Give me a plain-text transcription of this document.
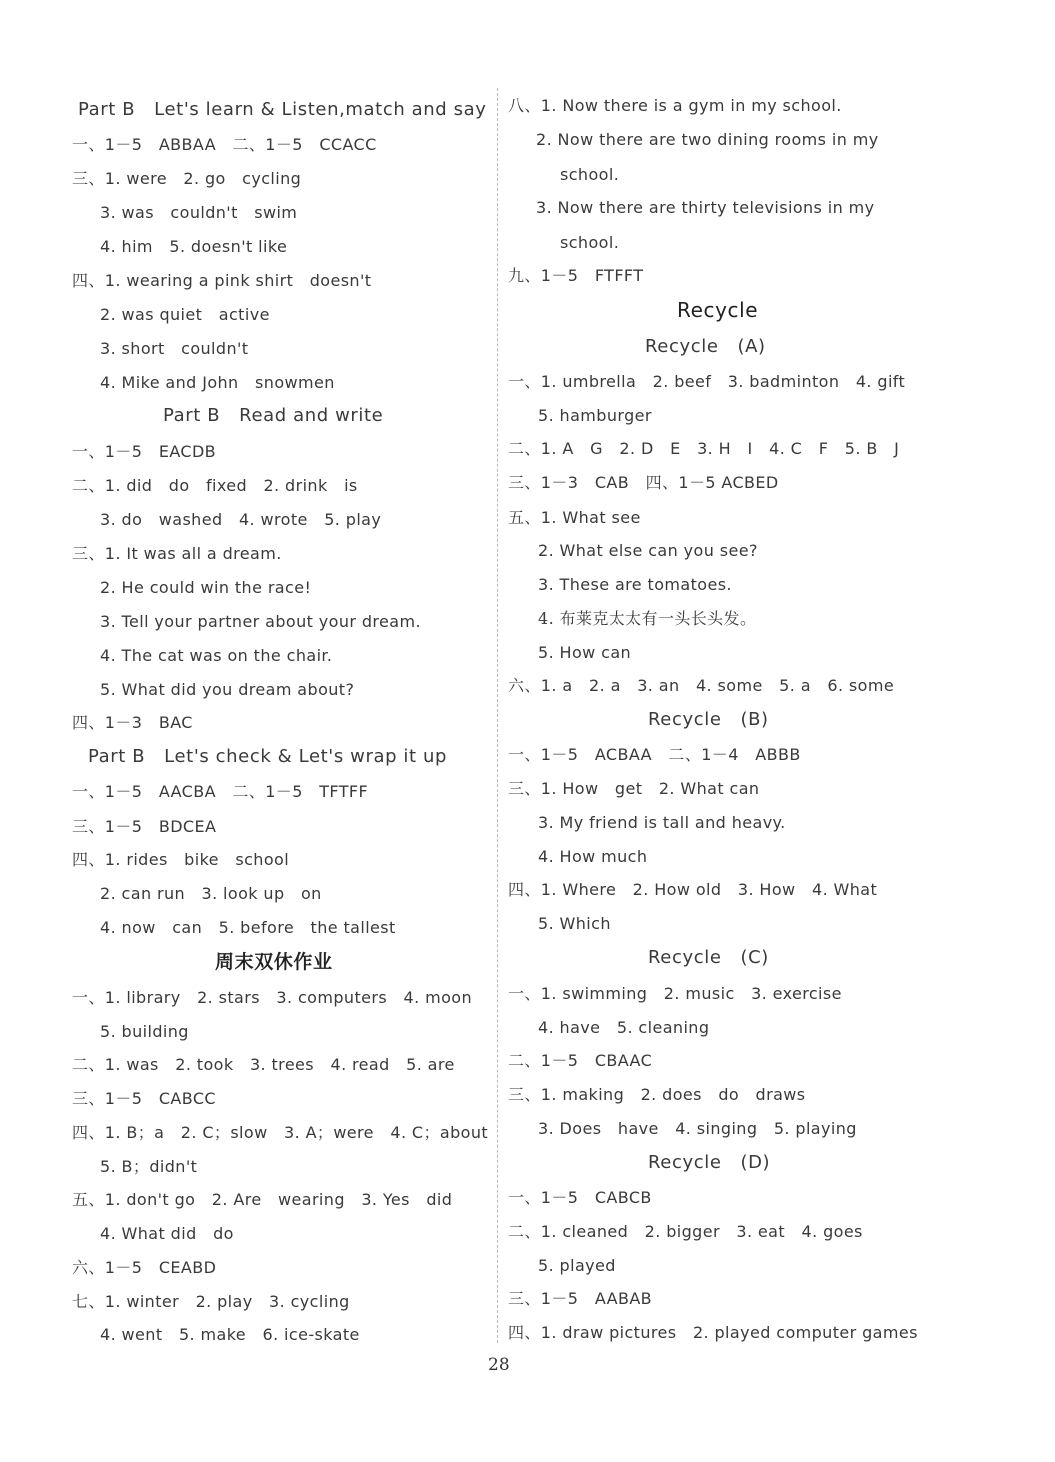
Part B   Let's learn & Listen,match and say
一、1－5   ABBAA   二、1－5   CCACC
三、1. were   2. go   cycling
3. was   couldn't   swim
4. him   5. doesn't like
四、1. wearing a pink shirt   doesn't
2. was quiet   active
3. short   couldn't
4. Mike and John   snowmen
Part B   Read and write
一、1－5   EACDB
二、1. did   do   fixed   2. drink   is
3. do   washed   4. wrote   5. play
三、1. It was all a dream.
2. He could win the race!
3. Tell your partner about your dream.
4. The cat was on the chair.
5. What did you dream about?
四、1－3   BAC
Part B   Let's check & Let's wrap it up
一、1－5   AACBA   二、1－5   TFTFF
三、1－5   BDCEA
四、1. rides   bike   school
2. can run   3. look up   on
4. now   can   5. before   the tallest
周末双休作业
一、1. library   2. stars   3. computers   4. moon
5. building
二、1. was   2. took   3. trees   4. read   5. are
三、1－5   CABCC
四、1. B；a   2. C；slow   3. A；were   4. C；about
5. B；didn't
五、1. don't go   2. Are   wearing   3. Yes   did
4. What did   do
六、1－5   CEABD
七、1. winter   2. play   3. cycling
4. went   5. make   6. ice-skate
八、1. Now there is a gym in my school.
2. Now there are two dining rooms in my
school.
3. Now there are thirty televisions in my
school.
九、1－5   FTFFT
Recycle
Recycle   (A)
一、1. umbrella   2. beef   3. badminton   4. gift
5. hamburger
二、1. A   G   2. D   E   3. H   I   4. C   F   5. B   J
三、1－3   CAB   四、1－5 ACBED
五、1. What see
2. What else can you see?
3. These are tomatoes.
4. 布莱克太太有一头长头发。
5. How can
六、1. a   2. a   3. an   4. some   5. a   6. some
Recycle   (B)
一、1－5   ACBAA   二、1－4   ABBB
三、1. How   get   2. What can
3. My friend is tall and heavy.
4. How much
四、1. Where   2. How old   3. How   4. What
5. Which
Recycle   (C)
一、1. swimming   2. music   3. exercise
4. have   5. cleaning
二、1－5   CBAAC
三、1. making   2. does   do   draws
3. Does   have   4. singing   5. playing
Recycle   (D)
一、1－5   CABCB
二、1. cleaned   2. bigger   3. eat   4. goes
5. played
三、1－5   AABAB
四、1. draw pictures   2. played computer games
28
